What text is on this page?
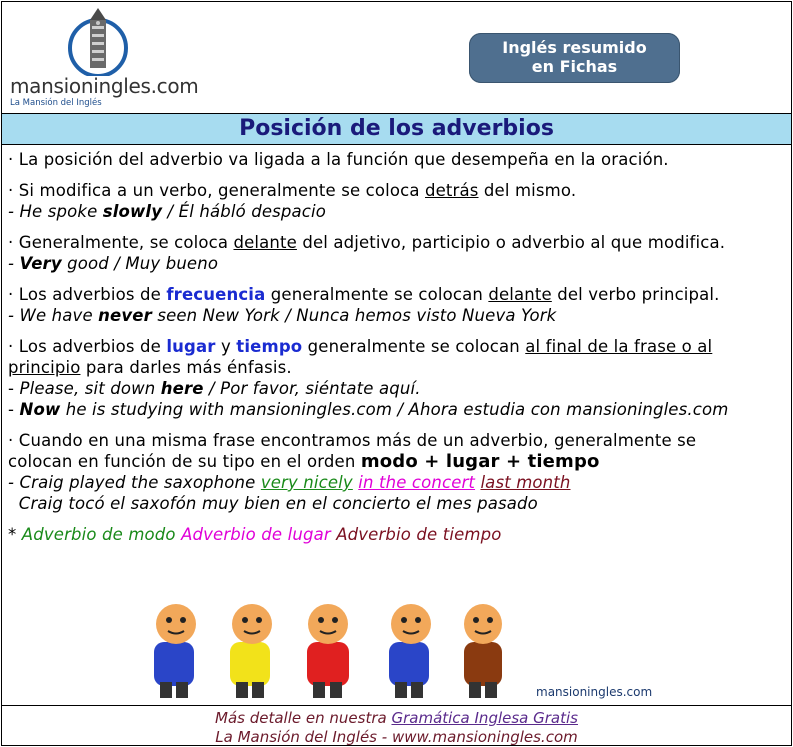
mansioningles.com
La Mansión del Inglés
Inglés resumido
en Fichas
Posición de los adverbios
· La posición del adverbio va ligada a la función que desempeña en la oración.
· Si modifica a un verbo, generalmente se coloca detrás del mismo.
- He spoke slowly / Él hábló despacio
· Generalmente, se coloca delante del adjetivo, participio o adverbio al que modifica.
- Very good / Muy bueno
· Los adverbios de frecuencia generalmente se colocan delante del verbo principal.
- We have never seen New York / Nunca hemos visto Nueva York
· Los adverbios de lugar y tiempo generalmente se colocan al final de la frase o al
principio para darles más énfasis.
- Please, sit down here / Por favor, siéntate aquí.
- Now he is studying with mansioningles.com / Ahora estudia con mansioningles.com
· Cuando en una misma frase encontramos más de un adverbio, generalmente se
colocan en función de su tipo en el orden modo + lugar + tiempo
- Craig played the saxophone very nicely in the concert last month
Craig tocó el saxofón muy bien en el concierto el mes pasado
* Adverbio de modo Adverbio de lugar Adverbio de tiempo
mansioningles.com
Más detalle en nuestra Gramática Inglesa Gratis
La Mansión del Inglés - www.mansioningles.com
